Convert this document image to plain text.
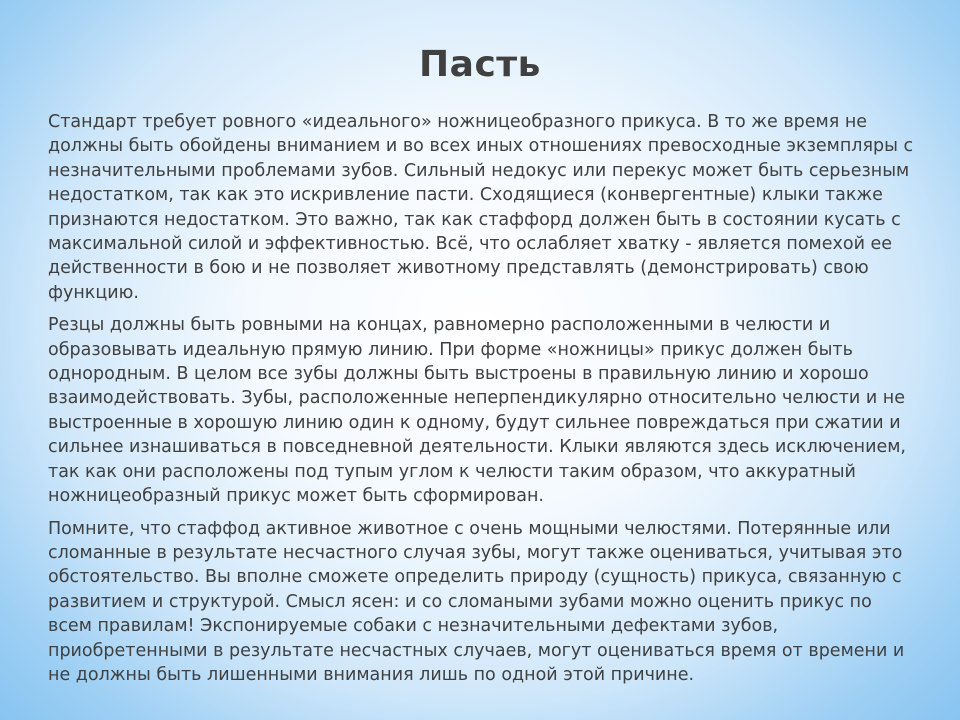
Пасть

Стандарт требует ровного «идеального» ножницеобразного прикуса. В то же время не должны быть обойдены вниманием и во всех иных отношениях превосходные экземпляры с незначительными проблемами зубов. Сильный недокус или перекус может быть серьезным недостатком, так как это искривление пасти. Сходящиеся (конвергентные) клыки также признаются недостатком. Это важно, так как стаффорд должен быть в состоянии кусать с максимальной силой и эффективностью. Всё, что ослабляет хватку - является помехой ее действенности в бою и не позволяет животному представлять (демонстрировать) свою функцию.

Резцы должны быть ровными на концах, равномерно расположенными в челюсти и образовывать идеальную прямую линию. При форме «ножницы» прикус должен быть однородным. В целом все зубы должны быть выстроены в правильную линию и хорошо взаимодействовать. Зубы, расположенные неперпендикулярно относительно челюсти и не выстроенные в хорошую линию один к одному, будут сильнее повреждаться при сжатии и сильнее изнашиваться в повседневной деятельности. Клыки являются здесь исключением, так как они расположены под тупым углом к челюсти таким образом, что аккуратный ножницеобразный прикус может быть сформирован.

Помните, что стаффод активное животное с очень мощными челюстями. Потерянные или сломанные в результате несчастного случая зубы, могут также оцениваться, учитывая это обстоятельство. Вы вполне сможете определить природу (сущность) прикуса, связанную с развитием и структурой. Смысл ясен: и со сломаными зубами можно оценить прикус по всем правилам! Экспонируемые собаки с незначительными дефектами зубов, приобретенными в результате несчастных случаев, могут оцениваться время от времени и не должны быть лишенными внимания лишь по одной этой причине.
